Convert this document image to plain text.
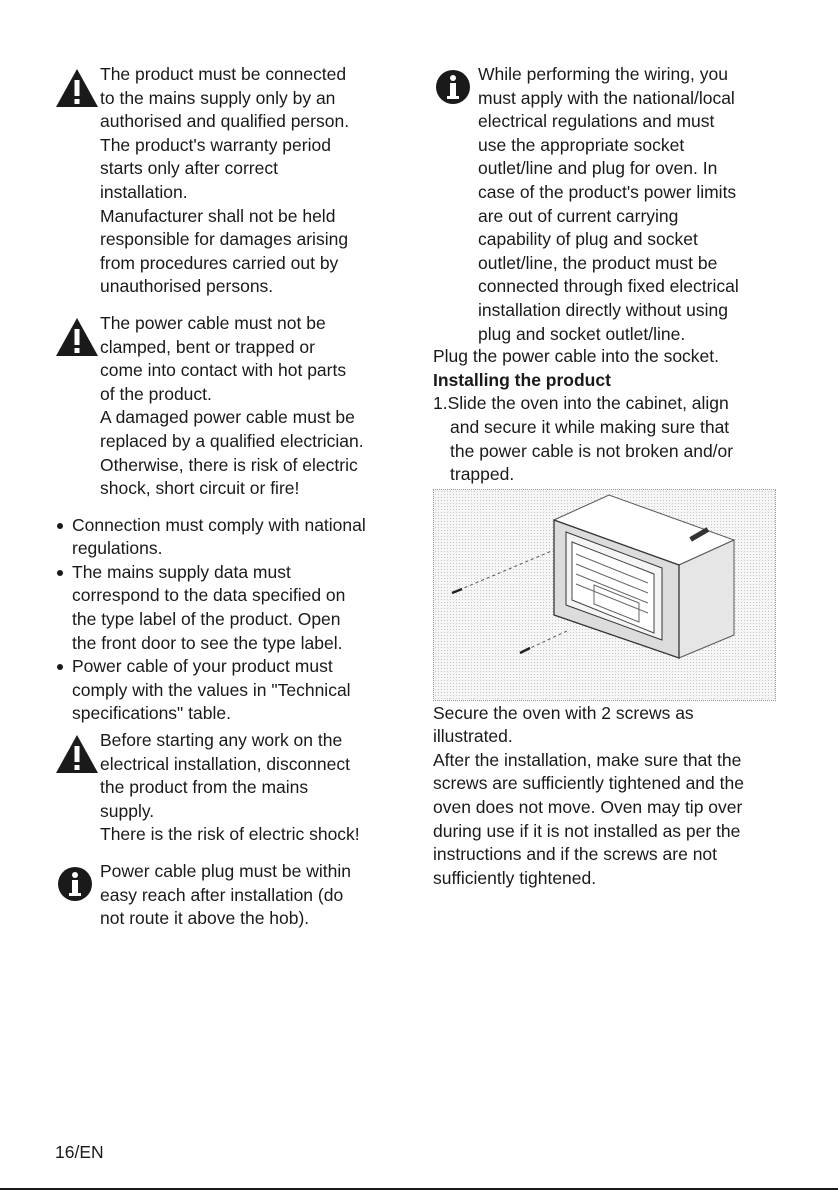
The product must be connected
to the mains supply only by an
authorised and qualified person.
The product's warranty period
starts only after correct
installation.
Manufacturer shall not be held
responsible for damages arising
from procedures carried out by
unauthorised persons.

The power cable must not be
clamped, bent or trapped or
come into contact with hot parts
of the product.
A damaged power cable must be
replaced by a qualified electrician.
Otherwise, there is risk of electric
shock, short circuit or fire!

Connection must comply with national
regulations.
The mains supply data must
correspond to the data specified on
the type label of the product. Open
the front door to see the type label.
Power cable of your product must
comply with the values in "Technical
specifications" table.

Before starting any work on the
electrical installation, disconnect
the product from the mains
supply.
There is the risk of electric shock!

Power cable plug must be within
easy reach after installation (do
not route it above the hob).

While performing the wiring, you
must apply with the national/local
electrical regulations and must
use the appropriate socket
outlet/line and plug for oven. In
case of the product's power limits
are out of current carrying
capability of plug and socket
outlet/line, the product must be
connected through fixed electrical
installation directly without using
plug and socket outlet/line.

Plug the power cable into the socket.

Installing the product

1.Slide the oven into the cabinet, align
and secure it while making sure that
the power cable is not broken and/or
trapped.

Secure the oven with 2 screws as
illustrated.
After the installation, make sure that the
screws are sufficiently tightened and the
oven does not move. Oven may tip over
during use if it is not installed as per the
instructions and if the screws are not
sufficiently tightened.

16/EN
